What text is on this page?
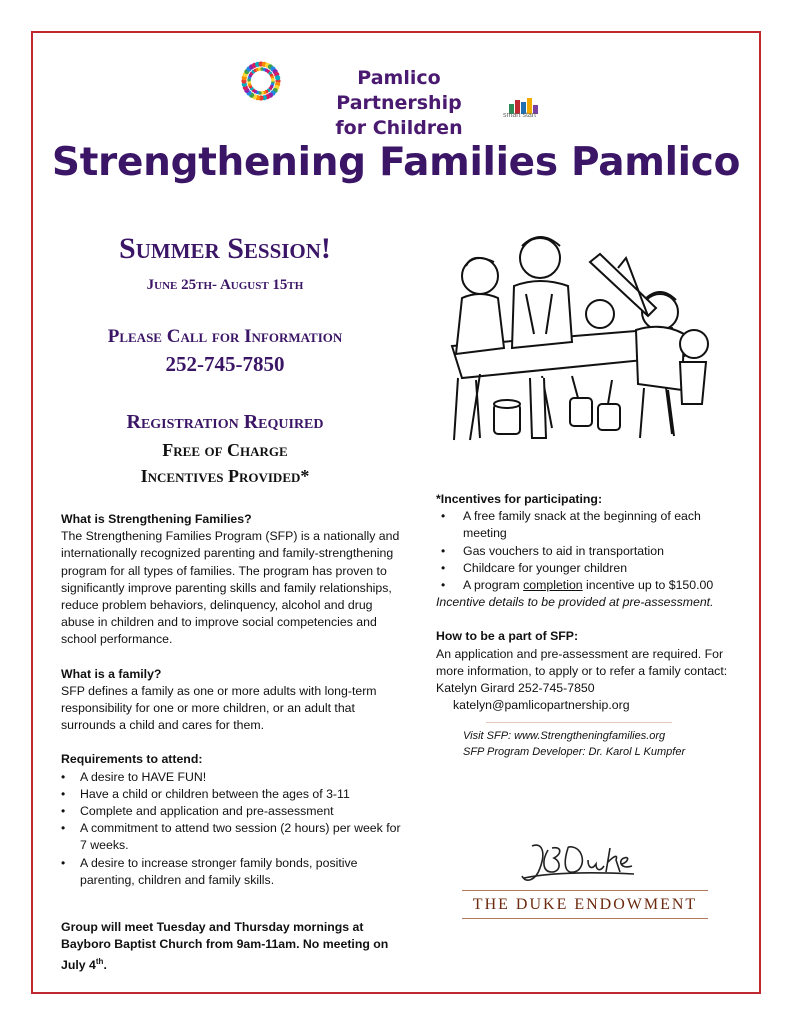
Pamlico Partnership
for Children
smart start
Strengthening Families Pamlico
Summer Session!
June 25th- August 15th
Please Call for Information
252-745-7850
Registration Required
Free of Charge
Incentives Provided*
What is Strengthening Families?
The Strengthening Families Program (SFP) is a nationally and internationally recognized parenting and family-strengthening program for all types of families. The program has proven to significantly improve parenting skills and family relationships, reduce problem behaviors, delinquency, alcohol and drug abuse in children and to improve social competencies and school performance.
What is a family?
SFP defines a family as one or more adults with long-term responsibility for one or more children, or an adult that surrounds a child and cares for them.
Requirements to attend:
• A desire to HAVE FUN!
• Have a child or children between the ages of 3-11
• Complete and application and pre-assessment
• A commitment to attend two session (2 hours) per week for 7 weeks.
• A desire to increase stronger family bonds, positive parenting, children and family skills.
Group will meet Tuesday and Thursday mornings at Bayboro Baptist Church from 9am-11am. No meeting on July 4th.
*Incentives for participating:
• A free family snack at the beginning of each meeting
• Gas vouchers to aid in transportation
• Childcare for younger children
• A program completion incentive up to $150.00
Incentive details to be provided at pre-assessment.
How to be a part of SFP:
An application and pre-assessment are required. For more information, to apply or to refer a family contact: Katelyn Girard 252-745-7850
katelyn@pamlicopartnership.org
Visit SFP: www.Strengtheningfamilies.org
SFP Program Developer: Dr. Karol L Kumpfer
THE DUKE ENDOWMENT
